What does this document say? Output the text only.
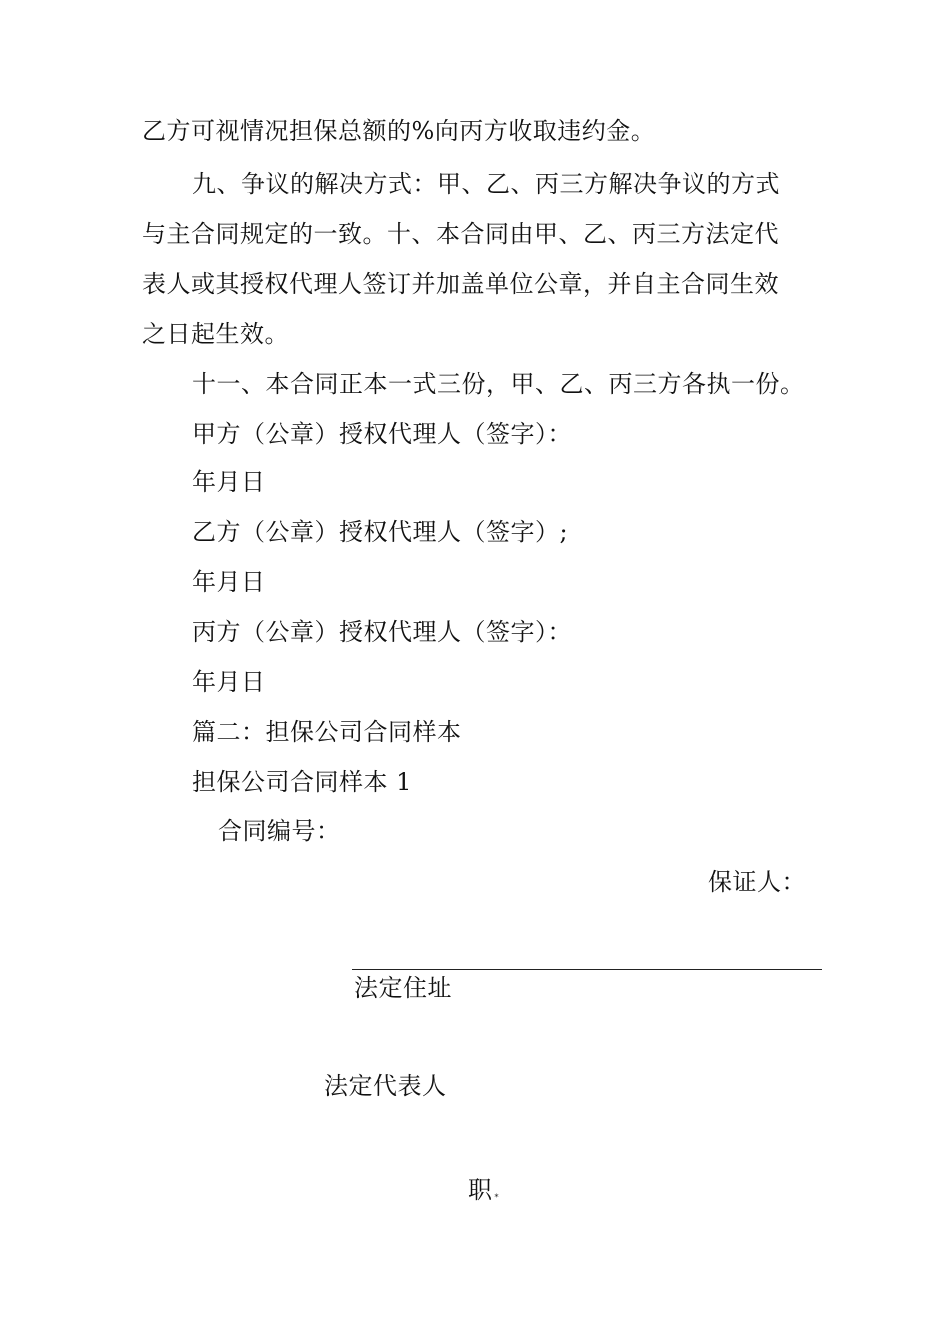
乙方可视情况担保总额的%向丙方收取违约金。
九、争议的解决方式：甲、乙、丙三方解决争议的方式
与主合同规定的一致。十、本合同由甲、乙、丙三方法定代
表人或其授权代理人签订并加盖单位公章，并自主合同生效
之日起生效。
十一、本合同正本一式三份，甲、乙、丙三方各执一份。
甲方（公章）授权代理人（签字）：
年月日
乙方（公章）授权代理人（签字）;
年月日
丙方（公章）授权代理人（签字）：
年月日
篇二：担保公司合同样本
担保公司合同样本 1
合同编号：
保证人：
法定住址
法定代表人
职 *
